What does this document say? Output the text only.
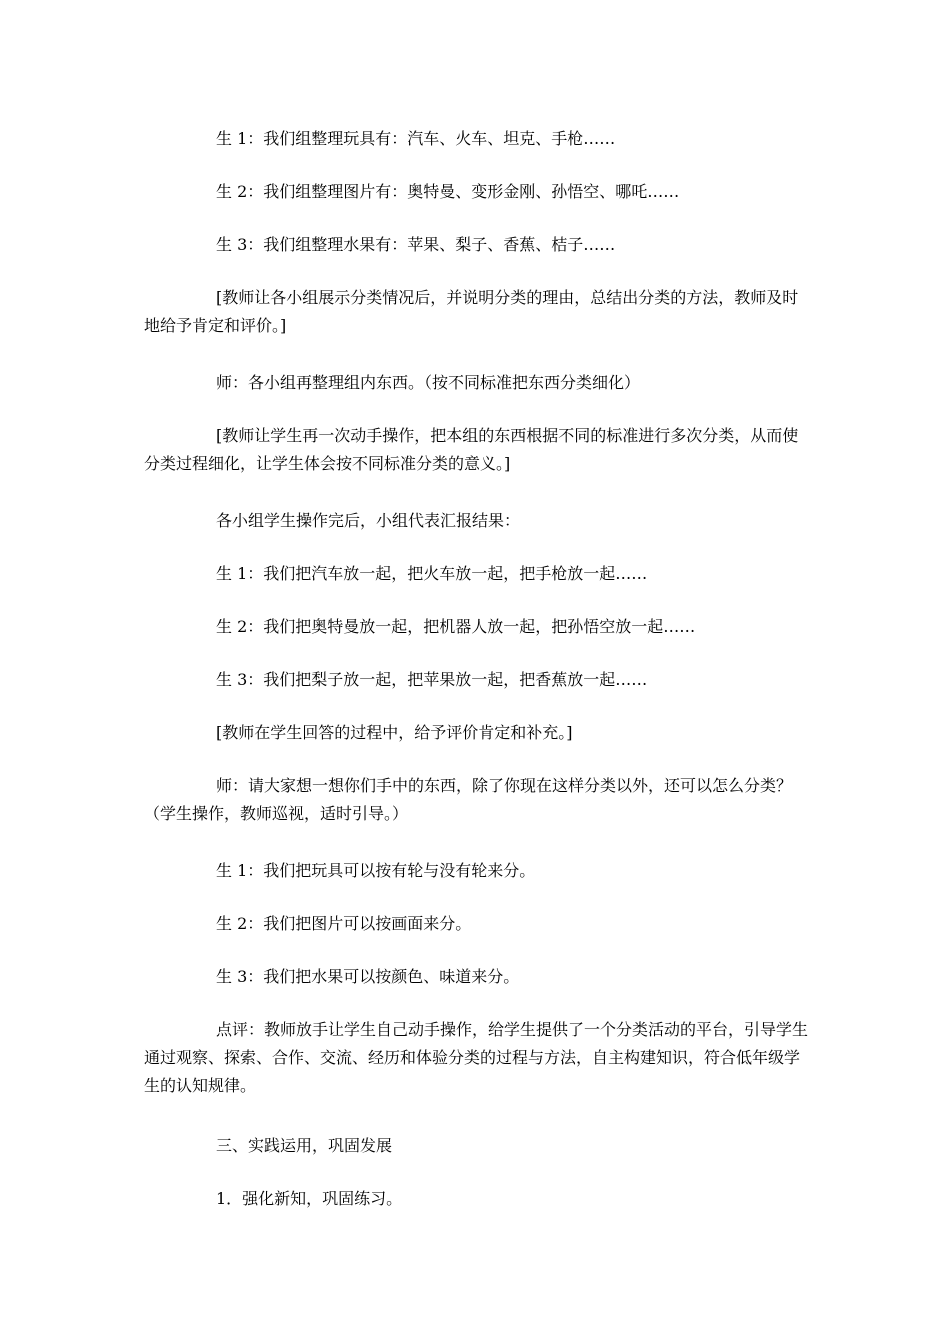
生 1：我们组整理玩具有：汽车、火车、坦克、手枪……

生 2：我们组整理图片有：奥特曼、变形金刚、孙悟空、哪吒……

生 3：我们组整理水果有：苹果、梨子、香蕉、桔子……

[教师让各小组展示分类情况后，并说明分类的理由，总结出分类的方法，教师及时地给予肯定和评价。]

师：各小组再整理组内东西。（按不同标准把东西分类细化）

[教师让学生再一次动手操作，把本组的东西根据不同的标准进行多次分类，从而使分类过程细化，让学生体会按不同标准分类的意义。]

各小组学生操作完后，小组代表汇报结果：

生 1：我们把汽车放一起，把火车放一起，把手枪放一起……

生 2：我们把奥特曼放一起，把机器人放一起，把孙悟空放一起……

生 3：我们把梨子放一起，把苹果放一起，把香蕉放一起……

[教师在学生回答的过程中，给予评价肯定和补充。]

师：请大家想一想你们手中的东西，除了你现在这样分类以外，还可以怎么分类？（学生操作，教师巡视，适时引导。）

生 1：我们把玩具可以按有轮与没有轮来分。

生 2：我们把图片可以按画面来分。

生 3：我们把水果可以按颜色、味道来分。

点评：教师放手让学生自己动手操作，给学生提供了一个分类活动的平台，引导学生通过观察、探索、合作、交流、经历和体验分类的过程与方法，自主构建知识，符合低年级学生的认知规律。

三、实践运用，巩固发展

1．强化新知，巩固练习。
